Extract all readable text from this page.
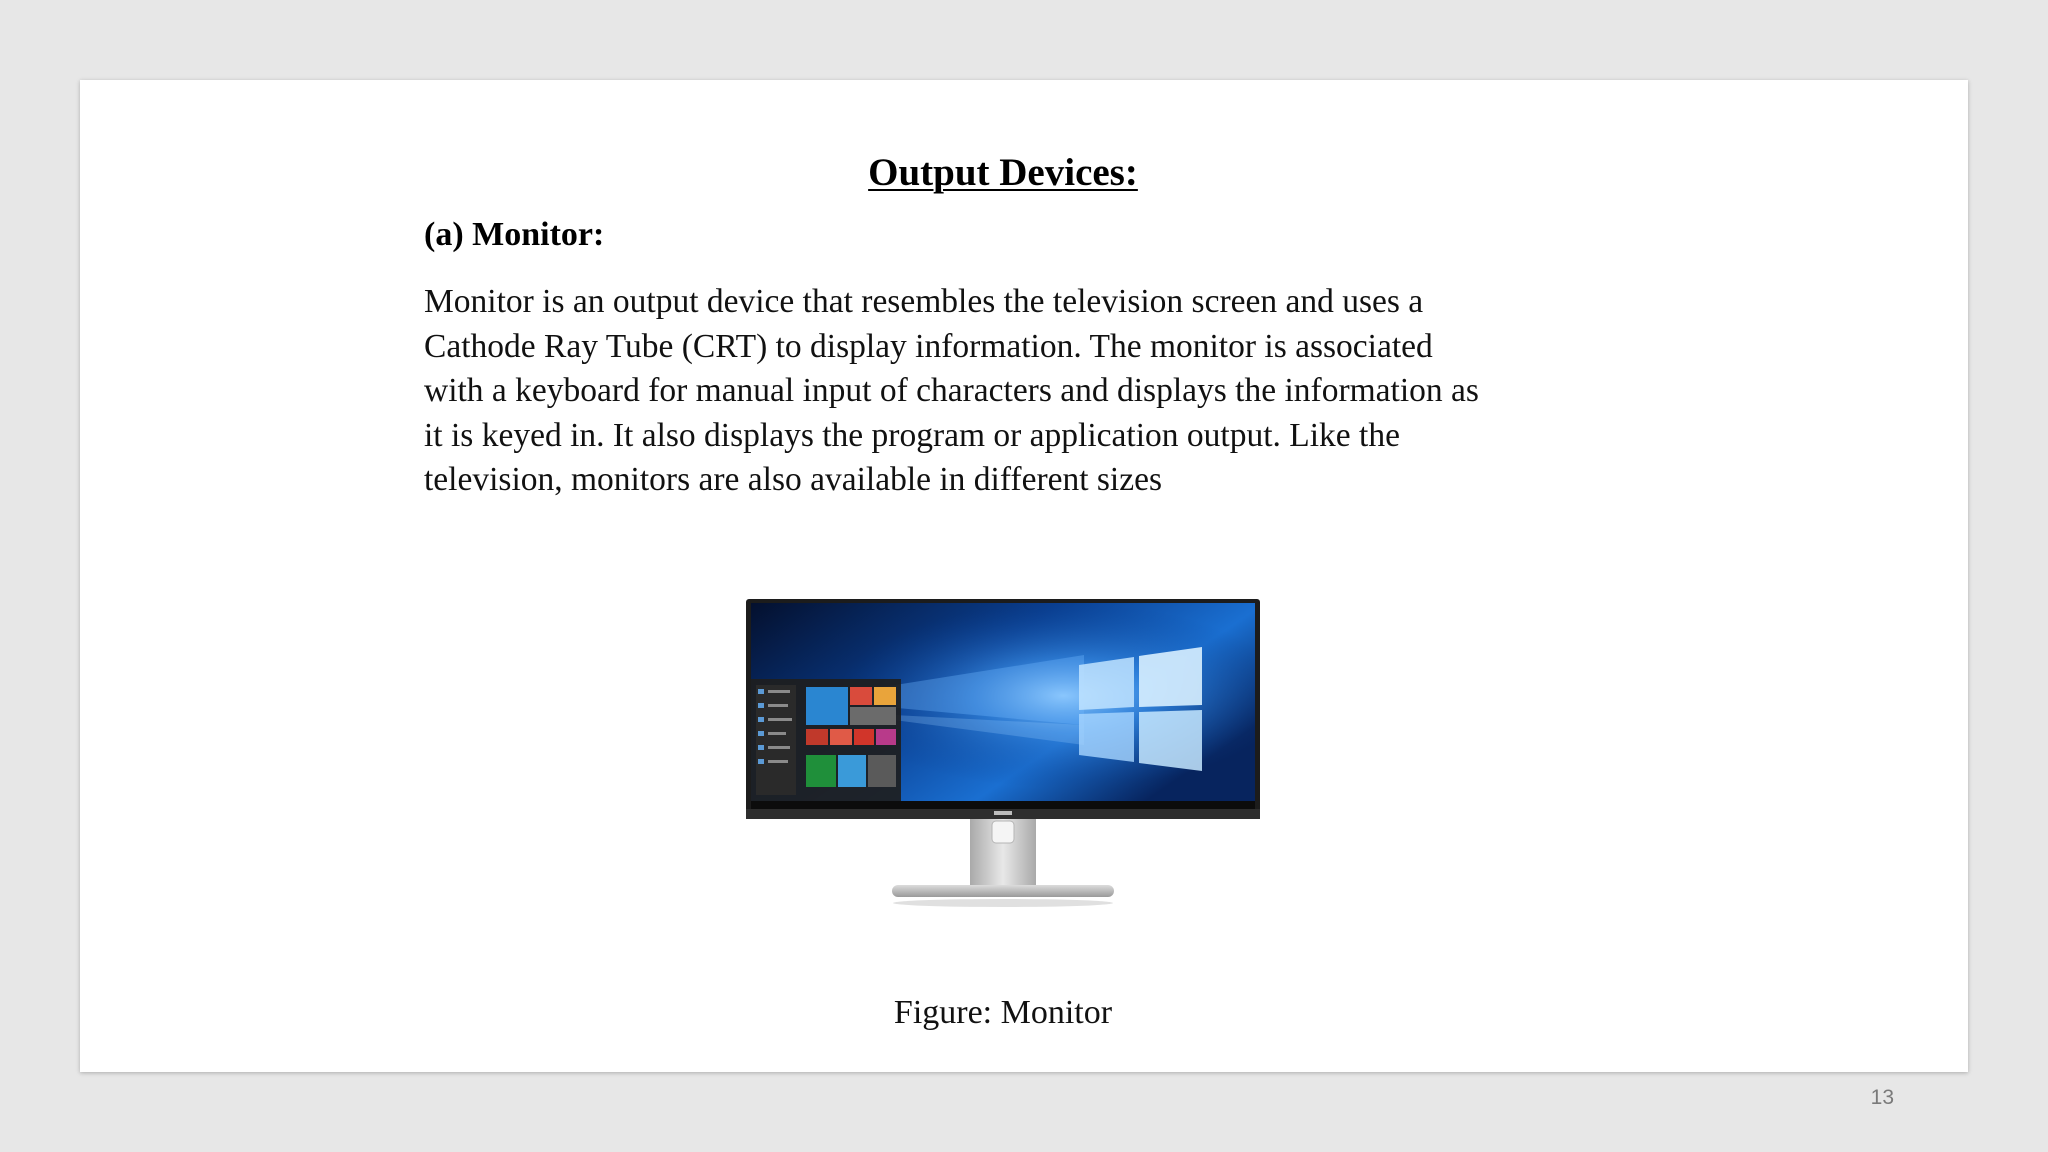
Output Devices:
(a) Monitor:

Monitor is an output device that resembles the television screen and uses a
Cathode Ray Tube (CRT) to display information. The monitor is associated
with a keyboard for manual input of characters and displays the information as
it is keyed in. It also displays the program or application output. Like the
television, monitors are also available in different sizes

Figure: Monitor

13
